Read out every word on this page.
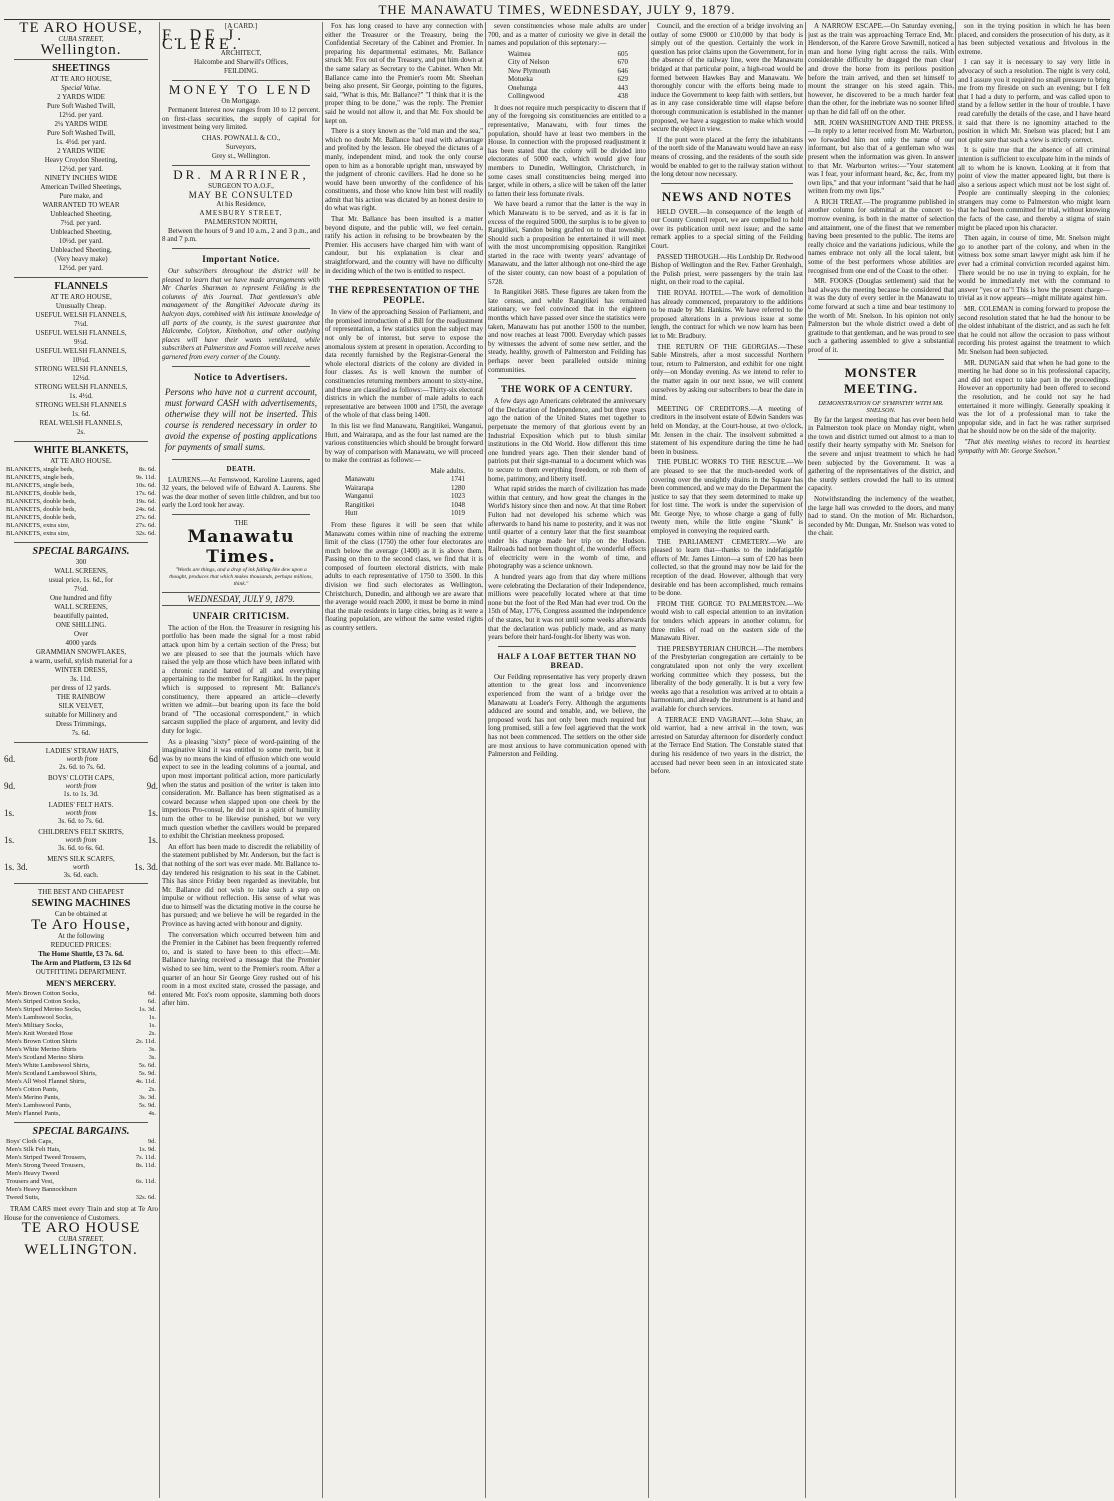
THE MANAWATU TIMES, WEDNESDAY, JULY 9, 1879.
TE ARO HOUSE,
CUBA STREET,
Wellington.
SHEETINGS
AT TE ARO HOUSE,
Special Value.
2 YARDS WIDE
Pure Soft Washed Twill,
12½d. per yard.
2¼ YARDS WIDE
Pure Soft Washed Twill,
1s. 4½d. per yard.
2 YARDS WIDE
Heavy Croydon Sheeting,
12½d. per yard.
NINETY INCHES WIDE
American Twilled Sheetings,
Pure make, and
WARRANTED TO WEAR
Unbleached Sheeting,
7½d. per yard.
Unbleached Sheeting,
10½d. per yard.
Unbleached Sheeting,
(Very heavy make)
12½d. per yard.
FLANNELS
AT TE ARO HOUSE,
Unusually Cheap.
USEFUL WELSH FLANNELS,
7½d.
USEFUL WELSH FLANNELS,
9½d.
USEFUL WELSH FLANNELS,
10½d.
STRONG WELSH FLANNELS,
12½d.
STRONG WELSH FLANNELS,
1s. 4½d.
STRONG WELSH FLANNELS
1s. 6d.
REAL WELSH FLANNELS,
2s.
WHITE BLANKETS,
AT TE ARO HOUSE.
BLANKETS, single beds,	8s. 6d.
BLANKETS, single beds,	9s. 11d.
BLANKETS, single beds,	10s. 6d.
BLANKETS, double beds,	17s. 6d.
BLANKETS, double beds,	19s. 6d.
BLANKETS, double beds,	24s. 6d.
BLANKETS, double beds,	27s. 6d.
BLANKETS, extra size,	27s. 6d.
BLANKETS, extra size,	32s. 6d.
SPECIAL BARGAINS.
300
WALL SCREENS,
usual price, 1s. 6d., for
7½d.
One hundred and fifty
WALL SCREENS,
beautifully painted,
ONE SHILLING.
Over
4000 yards
GRAMMIAN SNOWFLAKES,
a warm, useful, stylish material for a
WINTER DRESS,
3s. 11d.
per dress of 12 yards.
THE RAINBOW
SILK VELVET,
suitable for Millinery and
Dress Trimmings,
7s. 6d.
6d.
LADIES' STRAW HATS,
worth from
2s. 6d. to 7s. 6d.
6d
9d.
BOYS' CLOTH CAPS,
worth from
1s. to 1s. 3d.
9d.
1s.
LADIES' FELT HATS.
worth from
3s. 6d. to 7s. 6d.
1s.
1s.
CHILDREN'S FELT SKIRTS,
worth from
3s. 6d. to 6s. 6d.
1s.
1s. 3d.
MEN'S SILK SCARFS,
worth
3s. 6d. each.
1s. 3d.
THE BEST AND CHEAPEST
SEWING MACHINES
Can be obtained at
Te Aro House,
At the following
REDUCED PRICES:
The Home Shuttle, £3 7s. 6d.
The Arm and Platform, £3 12s 6d
OUTFITTING DEPARTMENT.
MEN'S MERCERY.
Men's Brown Cotton Socks,	6d.
Men's Striped Cotton Socks,	6d.
Men's Striped Merino Socks,	1s. 3d.
Men's Lambswool Socks,	1s.
Men's Military Socks,	1s.
Men's Knit Worsted Hose	2s.
Men's Brown Cotton Shirts	2s. 11d.
Men's White Merino Shirts	3s.
Men's Scotland Merino Shirts	3s.
Men's White Lambswool Shirts,	5s. 6d.
Men's Scotland Lambswool Shirts,	5s. 9d.
Men's All Wool Flannel Shirts,	4s. 11d.
Men's Cotton Pants,	2s.
Men's Merino Pants,	3s. 3d.
Men's Lambswool Pants,	5s. 9d.
Men's Flannel Pants,	4s.
SPECIAL BARGAINS.
Boys' Cloth Caps,	9d.
Men's Silk Felt Hats,	1s. 9d.
Men's Striped Tweed Trousers,	7s. 11d.
Men's Strong Tweed Trousers,	8s. 11d.
Men's Heavy Tweed
Trousers and Vest,	6s. 11d.
Men's Heavy Bannockburn
Tweed Suits,	32s. 6d.
TRAM CARS meet every Train and stop at Te Aro House for the convenience of Customers.
TE ARO HOUSE
CUBA STREET,
WELLINGTON.
[A CARD.]
F. DE J. CLERE.
ARCHITECT,
Halcombe and Sharwill's Offices,
FEILDING.
MONEY TO LEND
On Mortgage.
Permanent Interest now ranges from 10 to 12 percent. on first-class securities, the supply of capital for investment being very limited.
CHAS. POWNALL & CO.,
Surveyors,
Grey st., Wellington.
DR. MARRINER,
SURGEON TO A.O.F.,
MAY BE CONSULTED
At his Residence,
AMESBURY STREET,
PALMERSTON NORTH,
Between the hours of 9 and 10 a.m., 2 and 3 p.m., and 8 and 7 p.m.
Important Notice.
Our subscribers throughout the district will be pleased to learn that we have made arrangements with Mr Charles Sharman to represent Feilding in the columns of this Journal. That gentleman's able management of the Rangitikei Advocate during its halcyon days, combined with his intimate knowledge of all parts of the county, is the surest guarantee that Halcombe, Colyton, Kimbolton, and other outlying places will have their wants ventilated, while subscribers at Palmerston and Foxton will receive news garnered from every corner of the County.
Notice to Advertisers.
Persons who have not a current account, must forward CASH with advertisements, otherwise they will not be inserted. This course is rendered necessary in order to avoid the expense of posting applications for payments of small sums.
DEATH.
LAURENS.—At Fernswood, Karoline Laurens, aged 32 years, the beloved wife of Edward A. Laurens. She was the dear mother of seven little children, and but too early the Lord took her away.
THE
Manawatu Times.
"Words are things, and a drop of ink falling like dew upon a thought, produces that which makes thousands, perhaps millions, think."
WEDNESDAY, JULY 9, 1879.
UNFAIR CRITICISM.
The action of the Hon. the Treasurer in resigning his portfolio has been made the signal for a most rabid attack upon him by a certain section of the Press; but we are pleased to see that the journals which have raised the yelp are those which have been inflated with a chronic rancid hatred of all and everything appertaining to the member for Rangitikei. In the paper which is supposed to represent Mr. Ballance's constituency, there appeared an article—cleverly written we admit—but bearing upon its face the bold brand of "The occasional correspondent," in which sarcasm supplied the place of argument, and levity did duty for logic.
As a pleasing "sixty" piece of word-painting of the imaginative kind it was entitled to some merit, but it was by no means the kind of effusion which one would expect to see in the leading columns of a journal, and upon most important political action, more particularly when the status and position of the writer is taken into consideration. Mr. Ballance has been stigmatised as a coward because when slapped upon one cheek by the imperious Pro-consul, he did not in a spirit of humility turn the other to be likewise punished, but we very much question whether the cavillers would be prepared to exhibit the Christian meekness proposed.
An effort has been made to discredit the reliability of the statement published by Mr. Anderson, but the fact is that nothing of the sort was ever made. Mr. Ballance to-day tendered his resignation to his seat in the Cabinet. This has since Friday been regarded as inevitable, but Mr. Ballance did not wish to take such a step on impulse or without reflection. His sense of what was due to himself was the dictating motive in the course he has pursued; and we believe he will be regarded in the Province as having acted with honour and dignity.
The conversation which occurred between him and the Premier in the Cabinet has been frequently referred to, and is stated to have been to this effect:—Mr. Ballance having received a message that the Premier wished to see him, went to the Premier's room. After a quarter of an hour Sir George Grey rushed out of his room in a most excited state, crossed the passage, and entered Mr. Fox's room opposite, slamming both doors after him.
Fox has long ceased to have any connection with either the Treasurer or the Treasury, being the Confidential Secretary of the Cabinet and Premier. In preparing his departmental estimates, Mr. Ballance struck Mr. Fox out of the Treasury, and put him down at the same salary as Secretary to the Cabinet. When Mr. Ballance came into the Premier's room Mr. Sheehan being also present, Sir George, pointing to the figures, said, "What is this, Mr. Ballance?" "I think that it is the proper thing to be done," was the reply. The Premier said he would not allow it, and that Mr. Fox should be kept on.
There is a story known as the "old man and the sea," which no doubt Mr. Ballance had read with advantage and profited by the lesson. He obeyed the dictates of a manly, independent mind, and took the only course open to him as a honorable upright man, unswayed by the judgment of chronic cavillers. Had he done so he would have been unworthy of the confidence of his constituents, and those who know him best will readily admit that his action was dictated by an honest desire to do what was right.
That Mr. Ballance has been insulted is a matter beyond dispute, and the public will, we feel certain, ratify his action in refusing to be browbeaten by the Premier. His accusers have charged him with want of candour, but his explanation is clear and straightforward, and the country will have no difficulty in deciding which of the two is entitled to respect.
THE REPRESENTATION OF THE PEOPLE.
In view of the approaching Session of Parliament, and the promised introduction of a Bill for the readjustment of representation, a few statistics upon the subject may not only be of interest, but serve to expose the anomalous system at present in operation. According to data recently furnished by the Registrar-General the whole electoral districts of the colony are divided in four classes. As is well known the number of constituencies returning members amount to sixty-nine, and these are classified as follows:—Thirty-six electoral districts in which the number of male adults to each representative are between 1000 and 1750, the average of the whole of that class being 1400.
In this list we find Manawatu, Rangitikei, Wanganui, Hutt, and Wairarapa, and as the four last named are the various constituencies which should be brought forward by way of comparison with Manawatu, we will proceed to make the contrast as follows:—
Male adults.
Manawatu	1741
Wairarapa	1280
Wanganui	1023
Rangitikei	1048
Hutt	1019
From these figures it will be seen that while Manawatu comes within nine of reaching the extreme limit of the class (1750) the other four electorates are much below the average (1400) as it is above them. Passing on then to the second class, we find that it is composed of fourteen electoral districts, with male adults to each representative of 1750 to 3500. In this division we find such electorates as Wellington, Christchurch, Dunedin, and although we are aware that the average would reach 2000, it must be borne in mind that the male residents in large cities, being as it were a floating population, are without the same vested rights as country settlers.
seven constituencies whose male adults are under 700, and as a matter of curiosity we give in detail the names and population of this septenary:—
Waimea	605
City of Nelson	670
New Plymouth	646
Motueka	629
Onehunga	443
Collingwood	438
It does not require much perspicacity to discern that if any of the foregoing six constituencies are entitled to a representative, Manawatu, with four times the population, should have at least two members in the House. In connection with the proposed readjustment it has been stated that the colony will be divided into electorates of 5000 each, which would give four members to Dunedin, Wellington, Christchurch, in some cases small constituencies being merged into larger, while in others, a slice will be taken off the latter to fatten their less fortunate rivals.
We have heard a rumor that the latter is the way in which Manawatu is to be served, and as it is far in excess of the required 5000, the surplus is to be given to Rangitikei, Sandon being grafted on to that township. Should such a proposition be entertained it will meet with the most uncompromising opposition. Rangitikei started in the race with twenty years' advantage of Manawatu, and the latter although not one-third the age of the sister county, can now boast of a population of 5728.
In Rangitikei 3685. These figures are taken from the late census, and while Rangitikei has remained stationary, we feel convinced that in the eighteen months which have passed over since the statistics were taken, Manawatu has put another 1500 to the number, and now reaches at least 7000. Everyday which passes by witnesses the advent of some new settler, and the steady, healthy, growth of Palmerston and Feilding has perhaps never been paralleled outside mining communities.
THE WORK OF A CENTURY.
A few days ago Americans celebrated the anniversary of the Declaration of Independence, and but three years ago the nation of the United States met together to perpetuate the memory of that glorious event by an Industrial Exposition which put to blush similar institutions in the Old World. How different this time one hundred years ago. Then their slender band of patriots put their sign-manual to a document which was to secure to them everything freedom, or rob them of home, patrimony, and liberty itself.
What rapid strides the march of civilization has made within that century, and how great the changes in the World's history since then and now. At that time Robert Fulton had not developed his scheme which was afterwards to hand his name to posterity, and it was not until quarter of a century later that the first steamboat under his charge made her trip on the Hudson. Railroads had not been thought of, the wonderful effects of electricity were in the womb of time, and photography was a science unknown.
A hundred years ago from that day where millions were celebrating the Declaration of their Independence, millions were peacefully located where at that time none but the foot of the Red Man had ever trod. On the 15th of May, 1776, Congress assumed the independence of the states, but it was not until some weeks afterwards that the declaration was publicly made, and as many years before their hard-fought-for liberty was won.
HALF A LOAF BETTER THAN NO BREAD.
Our Feilding representative has very properly drawn attention to the great loss and inconvenience experienced from the want of a bridge over the Manawatu at Loader's Ferry. Although the arguments adduced are sound and tenable, and, we believe, the proposed work has not only been much required but long promised, still a few feel aggrieved that the work has not been commenced. The settlers on the other side are most anxious to have communication opened with Palmerston and Feilding.
Council, and the erection of a bridge involving an outlay of some £9000 or £10,000 by that body is simply out of the question. Certainly the work in question has prior claims upon the Government, for in the absence of the railway line, were the Manawatu bridged at that particular point, a high-road would be formed between Hawkes Bay and Manawatu. We thoroughly concur with the efforts being made to induce the Government to keep faith with settlers, but as in any case considerable time will elapse before thorough communication is established in the manner proposed, we have a suggestion to make which would secure the object in view.
If the punt were placed at the ferry the inhabitants of the north side of the Manawatu would have an easy means of crossing, and the residents of the south side would be enabled to get to the railway station without the long detour now necessary.
NEWS AND NOTES
HELD OVER.—In consequence of the length of our County Council report, we are compelled to hold over its publication until next issue; and the same remark applies to a special sitting of the Feilding Court.
PASSED THROUGH.—His Lordship Dr. Redwood Bishop of Wellington and the Rev. Father Grenhalgh, the Polish priest, were passengers by the train last night, on their road to the capital.
THE ROYAL HOTEL.—The work of demolition has already commenced, preparatory to the additions to be made by Mr. Hankins. We have referred to the proposed alterations in a previous issue at some length, the contract for which we now learn has been let to Mr. Bradbury.
THE RETURN OF THE GEORGIAS.—These Sable Minstrels, after a most successful Northern tour, return to Palmerston, and exhibit for one night only—on Monday evening. As we intend to refer to the matter again in our next issue, we will content ourselves by asking our subscribers to bear the date in mind.
MEETING OF CREDITORS.—A meeting of creditors in the insolvent estate of Edwin Sanders was held on Monday, at the Court-house, at two o'clock, Mr. Jensen in the chair. The insolvent submitted a statement of his expenditure during the time he had been in business.
THE PUBLIC WORKS TO THE RESCUE.—We are pleased to see that the much-needed work of covering over the unsightly drains in the Square has been commenced, and we may do the Department the justice to say that they seem determined to make up for lost time. The work is under the supervision of Mr. George Nye, to whose charge a gang of fully twenty men, while the little engine "Skunk" is employed in conveying the required earth.
THE PARLIAMENT CEMETERY.—We are pleased to learn that—thanks to the indefatigable efforts of Mr. James Linton—a sum of £20 has been collected, so that the ground may now be laid for the reception of the dead. However, although that very desirable end has been accomplished, much remains to be done.
FROM THE GORGE TO PALMERSTON.—We would wish to call especial attention to an invitation for tenders which appears in another column, for three miles of road on the eastern side of the Manawatu River.
THE PRESBYTERIAN CHURCH.—The members of the Presbyterian congregation are certainly to be congratulated upon not only the very excellent working committee which they possess, but the liberality of the body generally. It is but a very few weeks ago that a resolution was arrived at to obtain a harmonium, and already the instrument is at hand and available for church services.
A TERRACE END VAGRANT.—John Shaw, an old warrior, had a new arrival in the town, was arrested on Saturday afternoon for disorderly conduct at the Terrace End Station. The Constable stated that during his residence of two years in the district, the accused had never been seen in an intoxicated state before.
A NARROW ESCAPE.—On Saturday evening, just as the train was approaching Terrace End, Mr. Henderson, of the Karere Grove Sawmill, noticed a man and horse lying right across the rails. With considerable difficulty he dragged the man clear and drove the horse from its perilous position before the train arrived, and then set himself to mount the stranger on his steed again. This, however, he discovered to be a much harder feat than the other, for the inebriate was no sooner lifted up than he did fall off on the other.
MR. JOHN WASHINGTON AND THE PRESS.—In reply to a letter received from Mr. Warburton, we forwarded him not only the name of our informant, but also that of a gentleman who was present when the information was given. In answer to that Mr. Warburton writes:—"Your statement was I fear, your informant heard, &c, &c, from my own lips," and that your informant "said that he had written from my own lips."
A RICH TREAT.—The programme published in another column for submittal at the concert to-morrow evening, is both in the matter of selection and attainment, one of the finest that we remember having been presented to the public. The items are really choice and the variations judicious, while the names embrace not only all the local talent, but some of the best performers whose abilities are recognised from one end of the Coast to the other.
MR. FOOKS (Douglas settlement) said that he had always the meeting because he considered that it was the duty of every settler in the Manawatu to come forward at such a time and bear testimony to the worth of Mr. Snelson. In his opinion not only Palmerston but the whole district owed a debt of gratitude to that gentleman, and he was proud to see such a gathering assembled to give a substantial proof of it.
MONSTER MEETING.
DEMONSTRATION OF SYMPATHY WITH MR. SNELSON.
By far the largest meeting that has ever been held in Palmerston took place on Monday night, when the town and district turned out almost to a man to testify their hearty sympathy with Mr. Snelson for the severe and unjust treatment to which he had been subjected by the Government. It was a gathering of the representatives of the district, and the sturdy settlers crowded the hall to its utmost capacity.
Notwithstanding the inclemency of the weather, the large hall was crowded to the doors, and many had to stand. On the motion of Mr. Richardson, seconded by Mr. Dungan, Mr. Snelson was voted to the chair.
son in the trying position in which he has been placed, and considers the prosecution of his duty, as it has been subjected vexatious and frivolous in the extreme.
I can say it is necessary to say very little in advocacy of such a resolution. The night is very cold, and I assure you it required no small pressure to bring me from my fireside on such an evening; but I felt that I had a duty to perform, and was called upon to stand by a fellow settler in the hour of trouble. I have read carefully the details of the case, and I have heard it said that there is no ignominy attached to the position in which Mr. Snelson was placed; but I am not quite sure that such a view is strictly correct.
It is quite true that the absence of all criminal intention is sufficient to exculpate him in the minds of all to whom he is known. Looking at it from that point of view the matter appeared light, but there is also a serious aspect which must not be lost sight of. People are continually sleeping in the colonies; strangers may come to Palmerston who might learn that he had been committed for trial, without knowing the facts of the case, and thereby a stigma of stain might be placed upon his character.
Then again, in course of time, Mr. Snelson might go to another part of the colony, and when in the witness box some smart lawyer might ask him if he ever had a criminal conviction recorded against him. There would be no use in trying to explain, for he would be immediately met with the command to answer "yes or no"! This is how the present charge—trivial as it now appears—might militate against him.
MR. COLEMAN in coming forward to propose the second resolution stated that he had the honour to be the oldest inhabitant of the district, and as such he felt that he could not allow the occasion to pass without recording his protest against the treatment to which Mr. Snelson had been subjected.
MR. DUNGAN said that when he had gone to the meeting he had done so in his professional capacity, and did not expect to take part in the proceedings. However an opportunity had been offered to second the resolution, and he could not say he had entertained it more willingly. Generally speaking it was the lot of a professional man to take the unpopular side, and in fact he was rather surprised that he should now be on the side of the majority.
"That this meeting wishes to record its heartiest sympathy with Mr. George Snelson."
